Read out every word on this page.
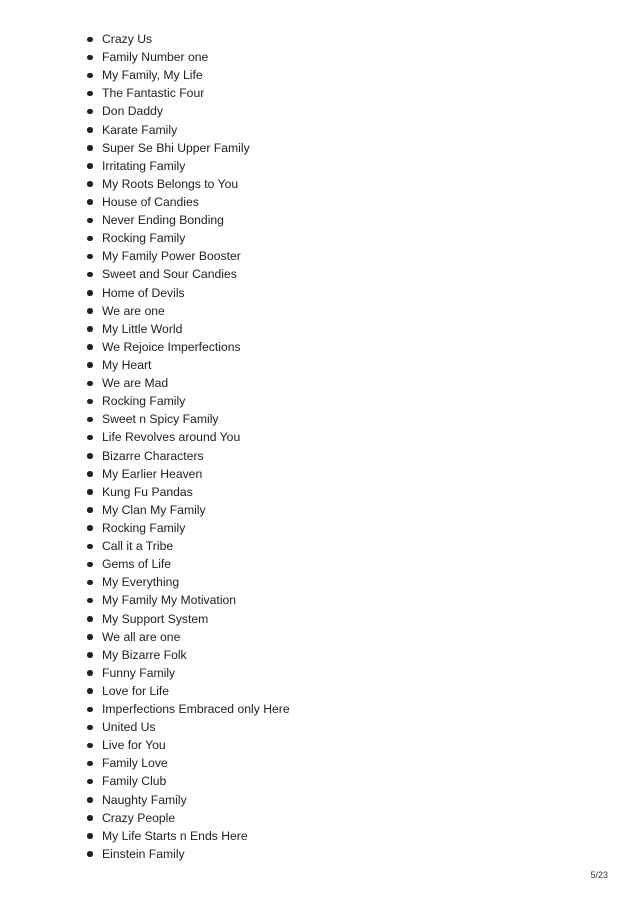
Crazy Us
Family Number one
My Family, My Life
The Fantastic Four
Don Daddy
Karate Family
Super Se Bhi Upper Family
Irritating Family
My Roots Belongs to You
House of Candies
Never Ending Bonding
Rocking Family
My Family Power Booster
Sweet and Sour Candies
Home of Devils
We are one
My Little World
We Rejoice Imperfections
My Heart
We are Mad
Rocking Family
Sweet n Spicy Family
Life Revolves around You
Bizarre Characters
My Earlier Heaven
Kung Fu Pandas
My Clan My Family
Rocking Family
Call it a Tribe
Gems of Life
My Everything
My Family My Motivation
My Support System
We all are one
My Bizarre Folk
Funny Family
Love for Life
Imperfections Embraced only Here
United Us
Live for You
Family Love
Family Club
Naughty Family
Crazy People
My Life Starts n Ends Here
Einstein Family
5/23
